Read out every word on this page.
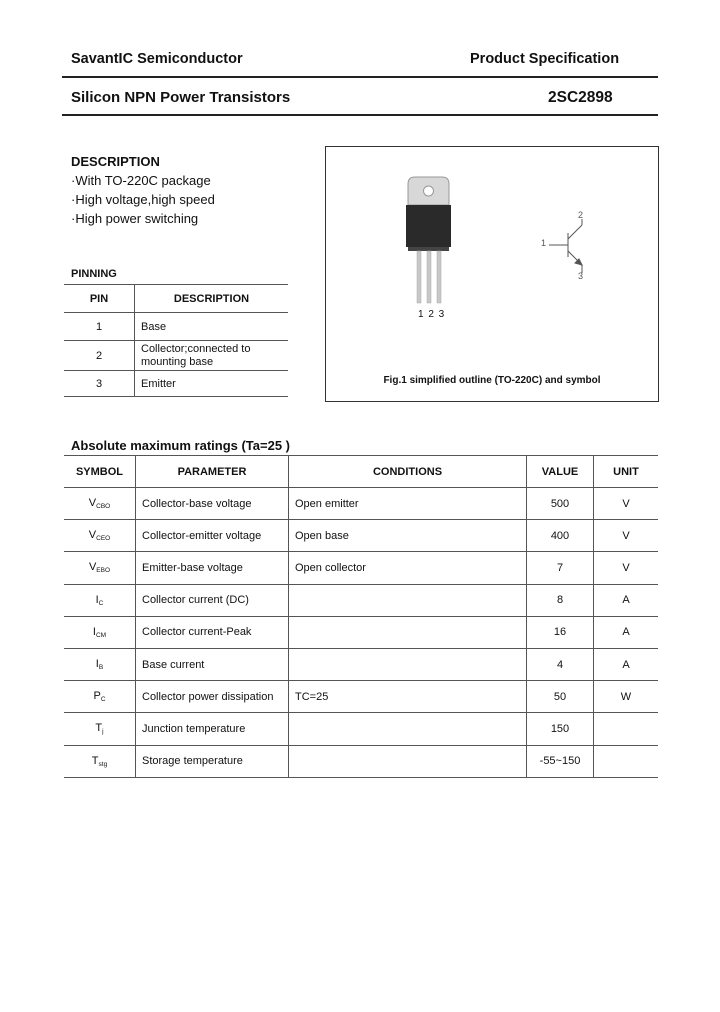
SavantIC Semiconductor	Product Specification
Silicon NPN Power Transistors	2SC2898
DESCRIPTION
·With TO-220C package
·High voltage,high speed
·High power switching
PINNING
PIN	DESCRIPTION
1	Base
2	Collector;connected to
mounting base

3	Emitter
1
2
3
1 2 3
Fig.1 simplified outline (TO-220C) and symbol
Absolute maximum ratings (Ta=25 )
SYMBOL	PARAMETER	CONDITIONS	VALUE	UNIT
$V_{CBO}$	Collector-base voltage	Open emitter	500	V
$V_{CEO}$	Collector-emitter voltage	Open base	400	V
$V_{EBO}$	Emitter-base voltage	Open collector	7	V
$I_C$	Collector current (DC)		8	A
$I_{CM}$	Collector current-Peak		16	A
$I_B$	Base current		4	A
$P_C$	Collector power dissipation	TC=25	50	W
$T_j$	Junction temperature		150	
$T_{stg}$	Storage temperature		-55~150	
